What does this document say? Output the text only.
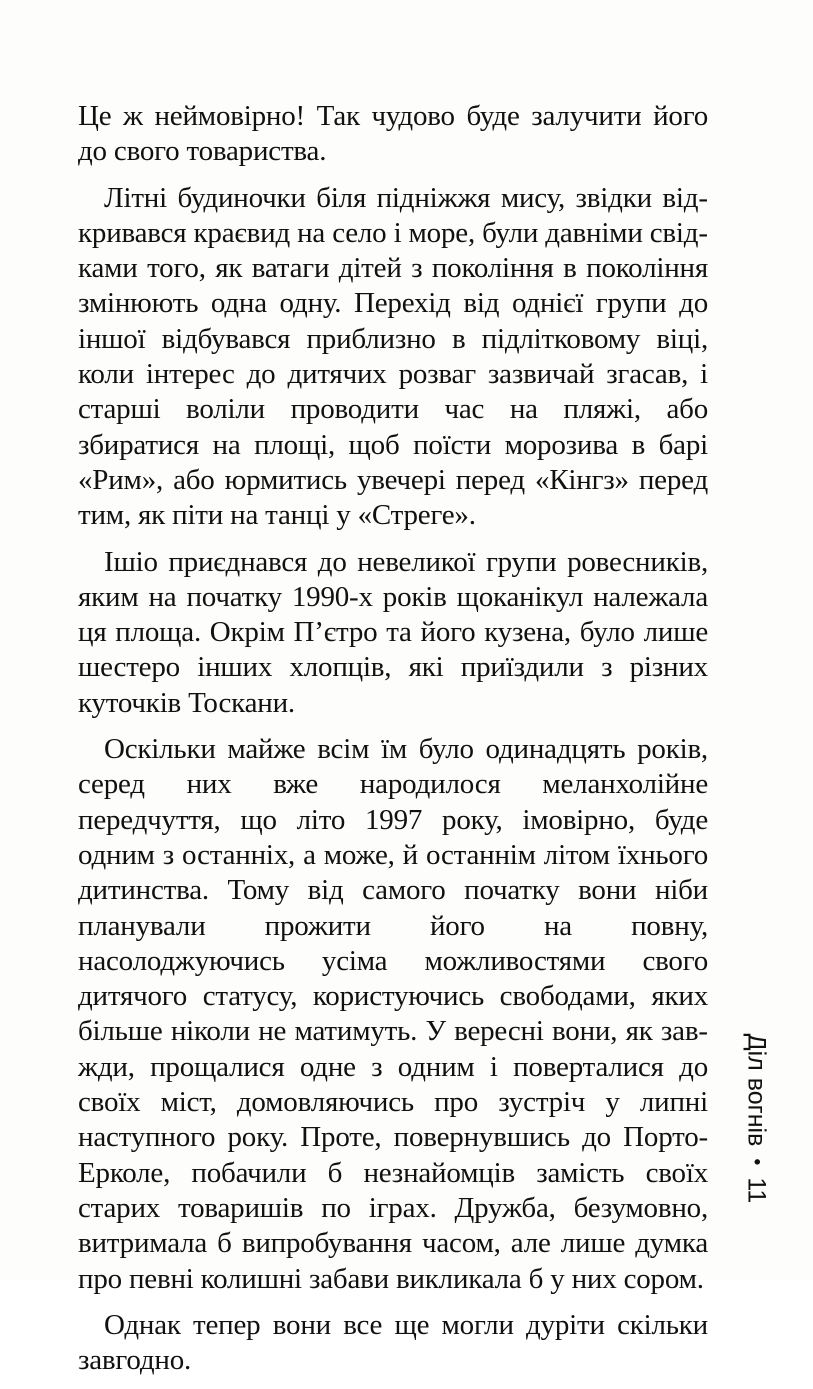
Це ж неймовірно! Так чудово буде залучити його до свого товариства.

Літні будиночки біля підніжжя мису, звідки відкривався краєвид на село і море, були давніми свідками того, як ватаги дітей з покоління в покоління змінюють одна одну. Перехід від однієї групи до іншої відбувався приблизно в підлітковому віці, коли інтерес до дитячих розваг зазвичай згасав, і старші воліли проводити час на пляжі, або збиратися на площі, щоб поїсти морозива в барі «Рим», або юрмитись увечері перед «Кінгз» перед тим, як піти на танці у «Стреге».

Ішіо приєднався до невеликої групи ровесників, яким на початку 1990-х років щоканікул належала ця площа. Окрім П’єтро та його кузена, було лише шестеро інших хлопців, які приїздили з різних куточків Тоскани.

Оскільки майже всім їм було одинадцять років, серед них вже народилося меланхолійне передчуття, що літо 1997 року, імовірно, буде одним з останніх, а може, й останнім літом їхнього дитинства. Тому від самого початку вони ніби планували прожити його на повну, насолоджуючись усіма можливостями свого дитячого статусу, користуючись свободами, яких більше ніколи не матимуть. У вересні вони, як завжди, прощалися одне з одним і поверталися до своїх міст, домовляючись про зустріч у липні наступного року. Проте, повернувшись до Порто-Ерколе, побачили б незнайомців замість своїх старих товаришів по іграх. Дружба, безумовно, витримала б випробування часом, але лише думка про певні колишні забави викликала б у них сором.

Однак тепер вони все ще могли дуріти скільки завгодно.

Діл вогнів
•
11
